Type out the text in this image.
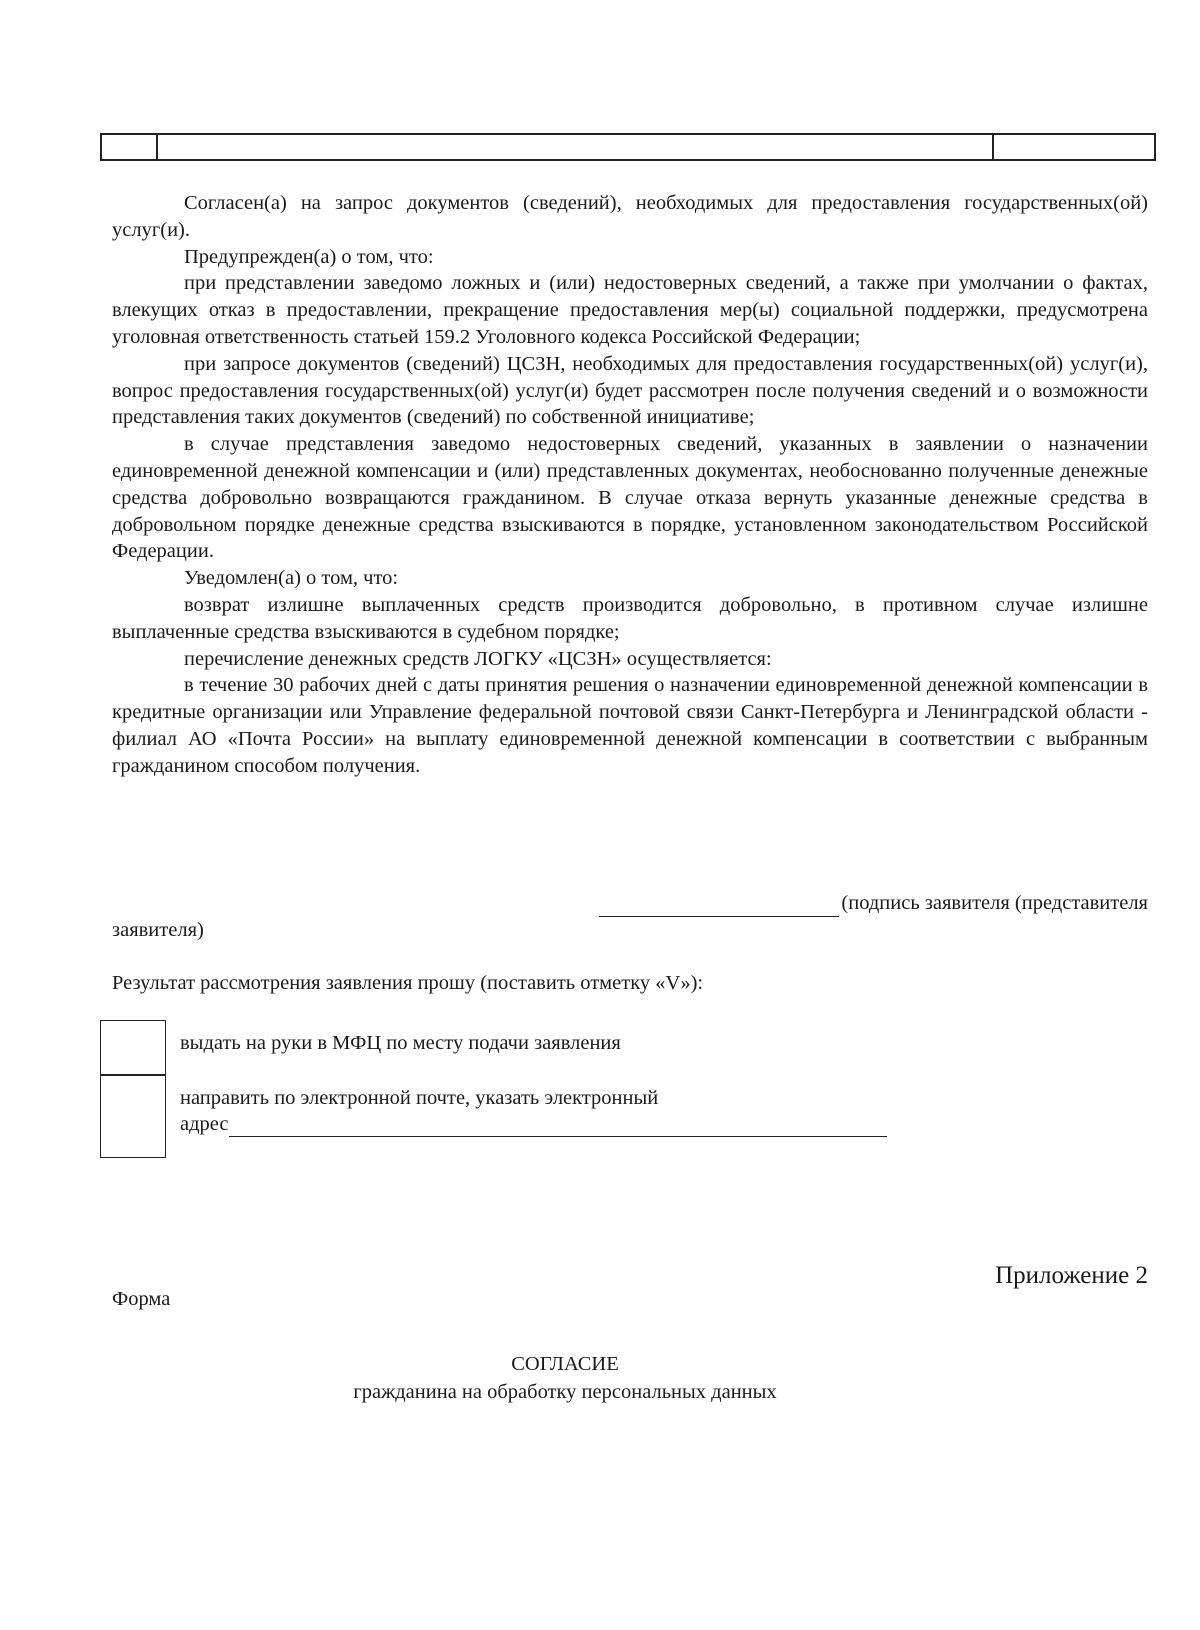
Согласен(а) на запрос документов (сведений), необходимых для предоставления государственных(ой) услуг(и).

Предупрежден(а) о том, что:

при представлении заведомо ложных и (или) недостоверных сведений, а также при умолчании о фактах, влекущих отказ в предоставлении, прекращение предоставления мер(ы) социальной поддержки, предусмотрена уголовная ответственность статьей 159.2 Уголовного кодекса Российской Федерации;

при запросе документов (сведений) ЦСЗН, необходимых для предоставления государственных(ой) услуг(и), вопрос предоставления государственных(ой) услуг(и) будет рассмотрен после получения сведений и о возможности представления таких документов (сведений) по собственной инициативе;

в случае представления заведомо недостоверных сведений, указанных в заявлении о назначении единовременной денежной компенсации и (или) представленных документах, необоснованно полученные денежные средства добровольно возвращаются гражданином. В случае отказа вернуть указанные денежные средства в добровольном порядке денежные средства взыскиваются в порядке, установленном законодательством Российской Федерации.

Уведомлен(а) о том, что:

возврат излишне выплаченных средств производится добровольно, в противном случае излишне выплаченные средства взыскиваются в судебном порядке;

перечисление денежных средств ЛОГКУ «ЦСЗН» осуществляется:

в течение 30 рабочих дней с даты принятия решения о назначении единовременной денежной компенсации в кредитные организации или Управление федеральной почтовой связи Санкт-Петербурга и Ленинградской области - филиал АО «Почта России» на выплату единовременной денежной компенсации в соответствии с выбранным гражданином способом получения.

(подпись заявителя (представителя
заявителя)
Результат рассмотрения заявления прошу (поставить отметку «V»):
выдать на руки в МФЦ по месту подачи заявления
направить по электронной почте, указать электронный
адрес
Приложение 2
Форма
СОГЛАСИЕ
гражданина на обработку персональных данных
